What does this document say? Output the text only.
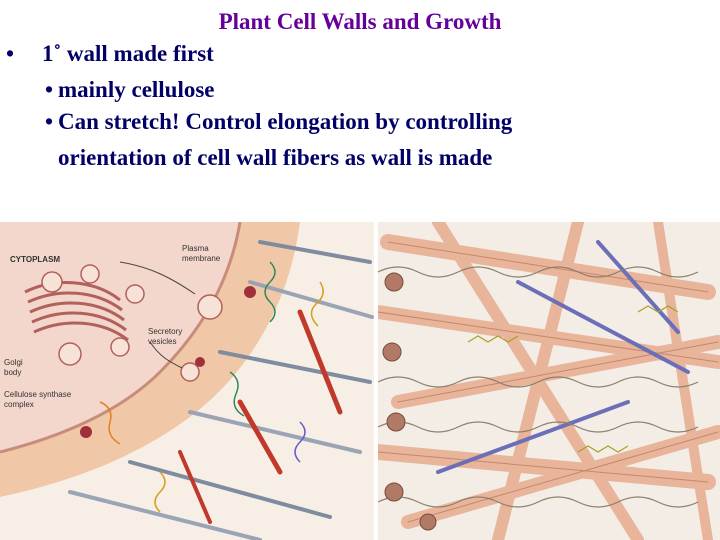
Plant Cell Walls and Growth
• 1˚ wall made first
• mainly cellulose
• Can stretch! Control elongation by controlling
orientation of cell wall fibers as wall is made
CYTOPLASM
Plasma
membrane
Secretory
vesicles
Golgi
body
Cellulose synthase
complex
